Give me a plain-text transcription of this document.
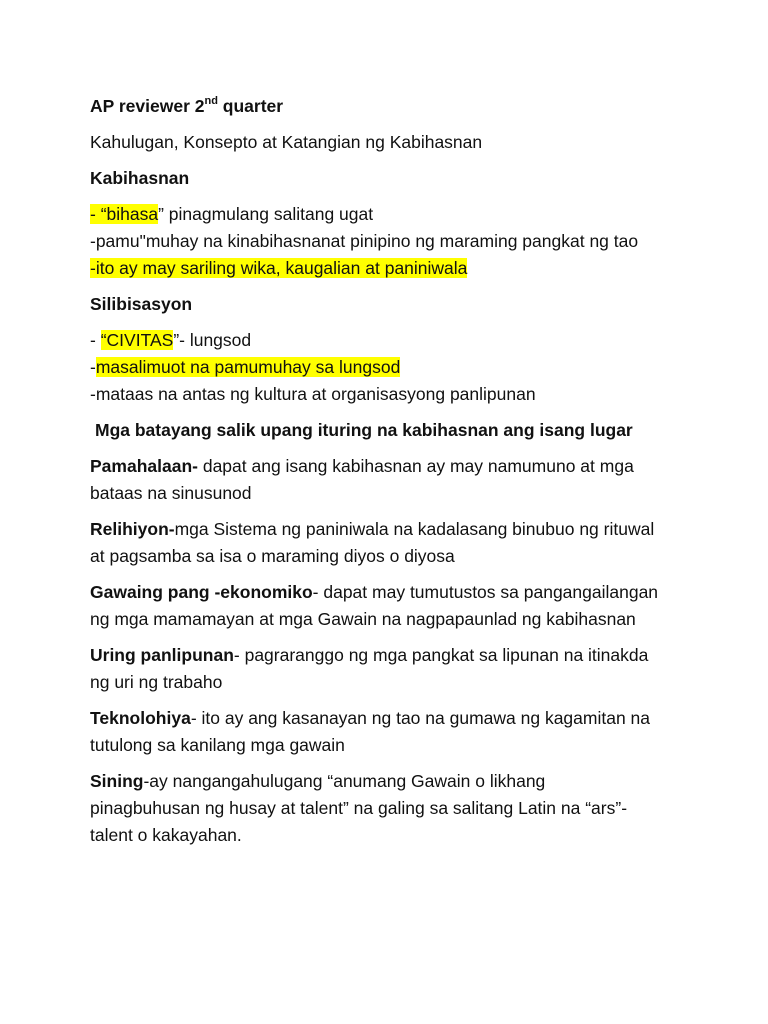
AP reviewer 2nd quarter

Kahulugan, Konsepto at Katangian ng Kabihasnan

Kabihasnan

- “bihasa” pinagmulang salitang ugat
-pamu"muhay na kinabihasnanat pinipino ng maraming pangkat ng tao
-ito ay may sariling wika, kaugalian at paniniwala

Silibisasyon

- “CIVITAS”- lungsod
-masalimuot na pamumuhay sa lungsod
-mataas na antas ng kultura at organisasyong panlipunan

Mga batayang salik upang ituring na kabihasnan ang isang lugar

Pamahalaan- dapat ang isang kabihasnan ay may namumuno at mga
bataas na sinusunod
Relihiyon-mga Sistema ng paniniwala na kadalasang binubuo ng rituwal
at pagsamba sa isa o maraming diyos o diyosa
Gawaing pang -ekonomiko- dapat may tumutustos sa pangangailangan
ng mga mamamayan at mga Gawain na nagpapaunlad ng kabihasnan
Uring panlipunan- pagraranggo ng mga pangkat sa lipunan na itinakda
ng uri ng trabaho
Teknolohiya- ito ay ang kasanayan ng tao na gumawa ng kagamitan na
tutulong sa kanilang mga gawain
Sining-ay nangangahulugang “anumang Gawain o likhang
pinagbuhusan ng husay at talent” na galing sa salitang Latin na “ars”-
talent o kakayahan.
